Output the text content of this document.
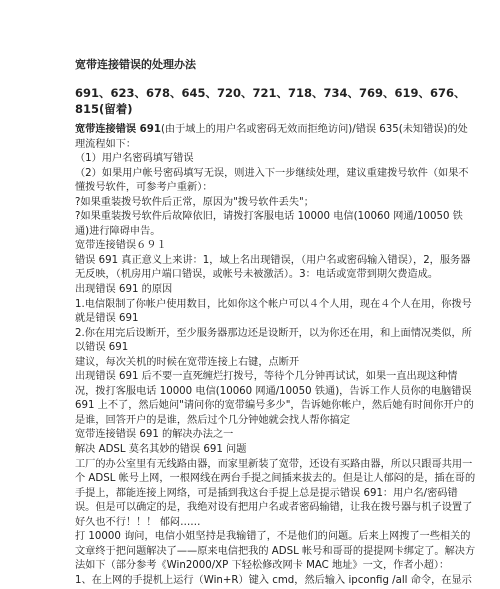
宽带连接错误的处理办法
691、623、678、645、720、721、718、734、769、619、676、815(留着)

宽带连接错误 691(由于域上的用户名或密码无效而拒绝访问)/错误 635(未知错误)的处理流程如下：

（1）用户名密码填写错误

（2）如果用户帐号密码填写无误，则进入下一步继续处理，建议重建拨号软件（如果不懂拨号软件，可参考户重新）：

?如果重装拨号软件后正常，原因为"拨号软件丢失"；

?如果重装拨号软件后故障依旧，请拨打客服电话 10000 电信(10060 网通/10050 铁通)进行障碍申告。

宽带连接错误６９１

错误 691 真正意义上来讲：1，域上名出现错误，（用户名或密码输入错误），2，服务器无反映，（机房用户端口错误，或帐号未被激活）。3：电话或宽带到期欠费造成。

出现错误 691 的原因

1.电信限制了你帐户使用数目，比如你这个帐户可以４个人用，现在４个人在用，你拨号就是错误 691

2.你在用完后设断开，至少服务器那边还是设断开，以为你还在用，和上面情况类似，所以错误 691

建议，每次关机的时候在宽带连接上右键，点断开

出现错误 691 后不要一直死缠烂打拨号，等待个几分钟再试试，如果一直出现这种情况，拨打客服电话 10000 电信(10060 网通/10050 铁通)，告诉工作人员你的电脑错误 691 上不了，然后她问"请问你的宽带编号多少"，告诉她你帐户，然后她有时间你开户的是谁，回答开户的是谁，然后过个几分钟她就会找人帮你搞定

宽带连接错误 691 的解决办法之一

解决 ADSL 莫名其妙的错误 691 问题

工厂的办公室里有无线路由器，而家里新装了宽带，还设有买路由器，所以只跟哥共用一个 ADSL 帐号上网，一根网线在两台手提之间插来拔去的。但是让人郁闷的是，插在哥的手提上，都能连接上网络，可是插到我这台手提上总是提示错误 691：用户名/密码错误。但是可以确定的是，我绝对设有把用户名或者密码输错，让我在拨号器与机子设置了好久也不行！！！ 郁闷……

打 10000 询问，电信小姐坚持是我输错了，不是他们的问题。后来上网搜了一些相关的文章终于把问题解决了——原来电信把我的 ADSL 帐号和哥哥的提提网卡绑定了。解决方法如下（部分参考《Win2000/XP 下轻松修改网卡 MAC 地址》一文，作者小超）：

1、在上网的手提机上运行（Win+R）键入 cmd，然后输入 ipconfig /all 命令，在显示
